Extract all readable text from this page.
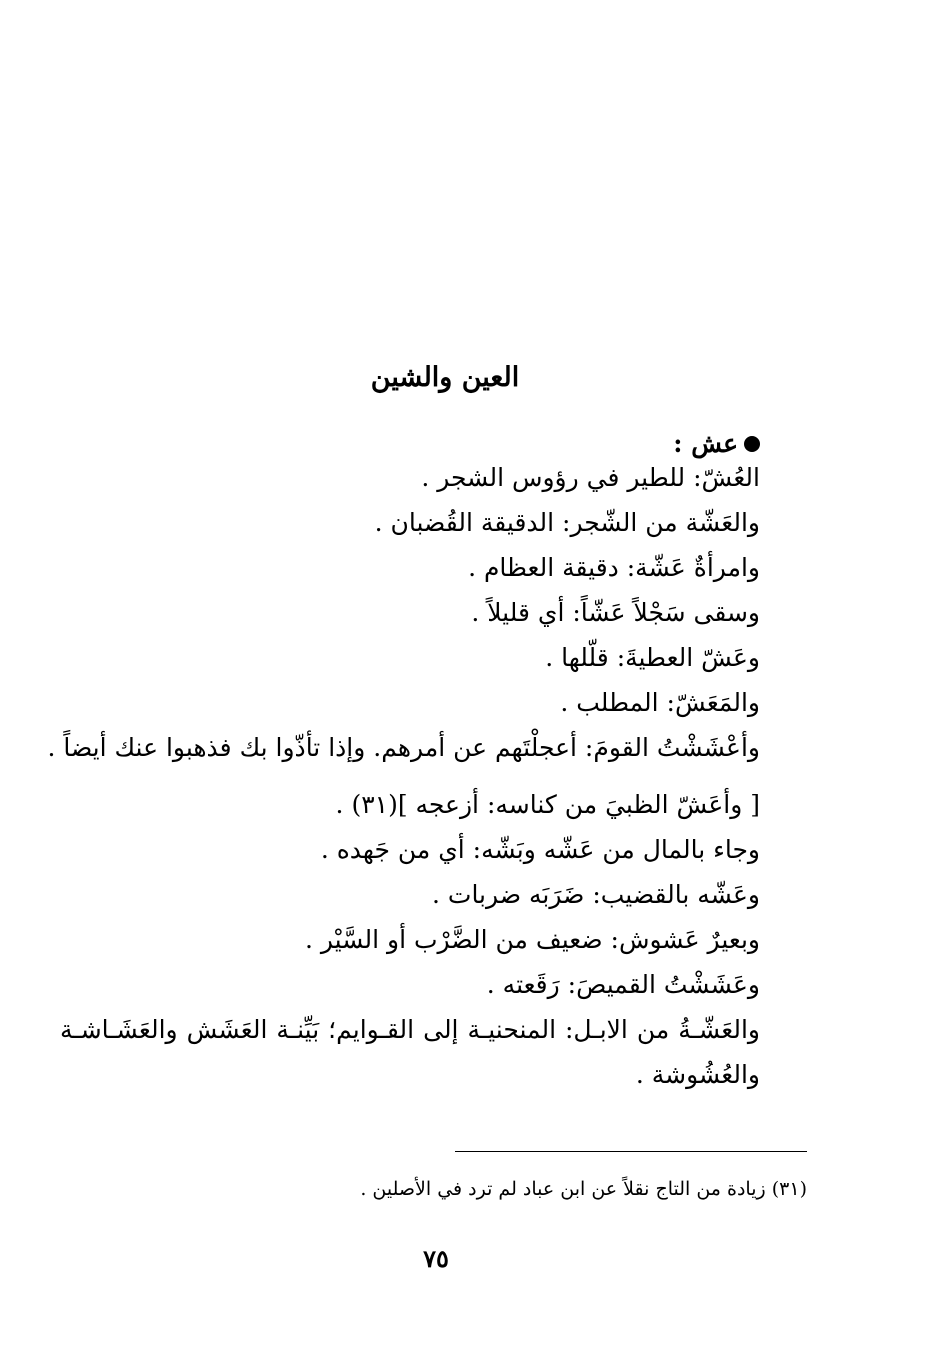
العين والشين
عش :

العُشّ: للطير في رؤوس الشجر .

والعَشّة من الشّجر: الدقيقة القُضبان .

وامرأةٌ عَشّة: دقيقة العظام .

وسقى سَجْلاً عَشّاً: أي قليلاً .

وعَشّ العطيةَ: قلّلها .

والمَعَشّ: المطلب .

وأعْشَشْتُ القومَ: أعجلْتَهم عن أمرهم. وإذا تأذّوا بك فذهبوا عنك أيضاً .

[ وأعَشّ الظبيَ من كناسه: أزعجه ](٣١) .

وجاء بالمال من عَشّه وبَشّه: أي من جَهده .

وعَشّه بالقضيب: ضَرَبَه ضربات .

وبعيرٌ عَشوش: ضعيف من الضَّرْب أو السَّيْر .

وعَشَشْتُ القميصَ: رَقَعته .

والعَشّـةُ من الابـل: المنحنيـة إلى القـوايم؛ بَيِّنـة العَشَش والعَشَـاشـة

والعُشُوشة .

(٣١) زيادة من التاج نقلاً عن ابن عباد لم ترد في الأصلين .
٧٥
